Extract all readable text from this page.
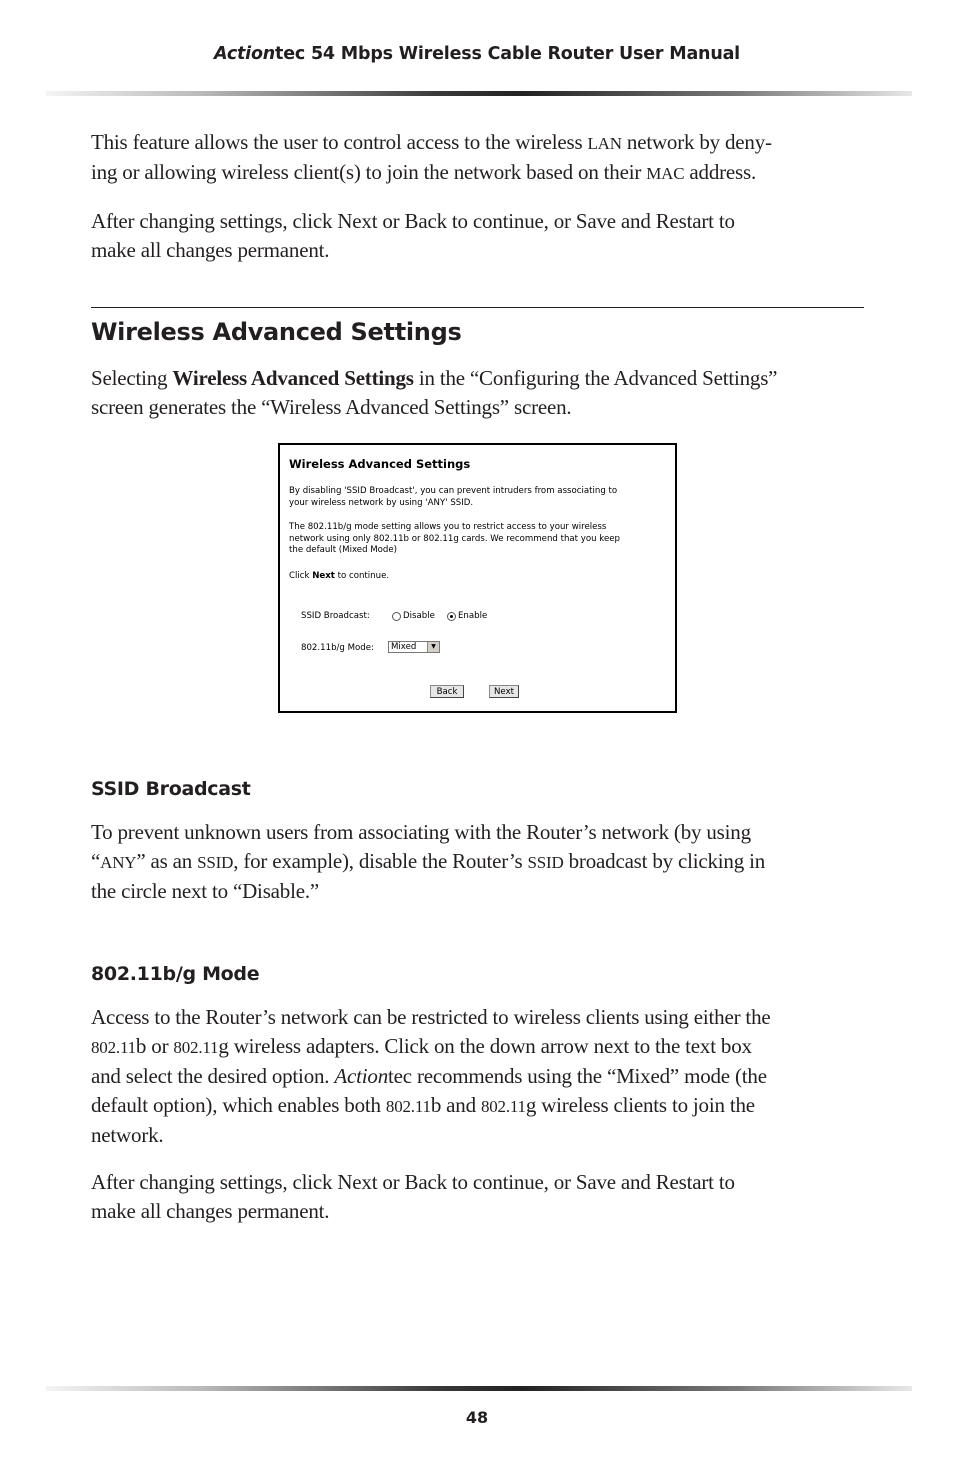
Actiontec 54 Mbps Wireless Cable Router User Manual

This feature allows the user to control access to the wireless LAN network by deny-
ing or allowing wireless client(s) to join the network based on their MAC address.

After changing settings, click Next or Back to continue, or Save and Restart to
make all changes permanent.

Wireless Advanced Settings

Selecting Wireless Advanced Settings in the “Configuring the Advanced Settings”
screen generates the “Wireless Advanced Settings” screen.

Wireless Advanced Settings
By disabling 'SSID Broadcast', you can prevent intruders from associating to
your wireless network by using 'ANY' SSID.
The 802.11b/g mode setting allows you to restrict access to your wireless
network using only 802.11b or 802.11g cards. We recommend that you keep
the default (Mixed Mode)
Click Next to continue.
SSID Broadcast:	Disable	Enable
802.11b/g Mode: Mixed	▼
Back	Next
SSID Broadcast

To prevent unknown users from associating with the Router’s network (by using
“ANY” as an SSID, for example), disable the Router’s SSID broadcast by clicking in
the circle next to “Disable.”

802.11b/g Mode

Access to the Router’s network can be restricted to wireless clients using either the
802.11b or 802.11g wireless adapters. Click on the down arrow next to the text box
and select the desired option. Actiontec recommends using the “Mixed” mode (the
default option), which enables both 802.11b and 802.11g wireless clients to join the
network.

After changing settings, click Next or Back to continue, or Save and Restart to
make all changes permanent.

48
